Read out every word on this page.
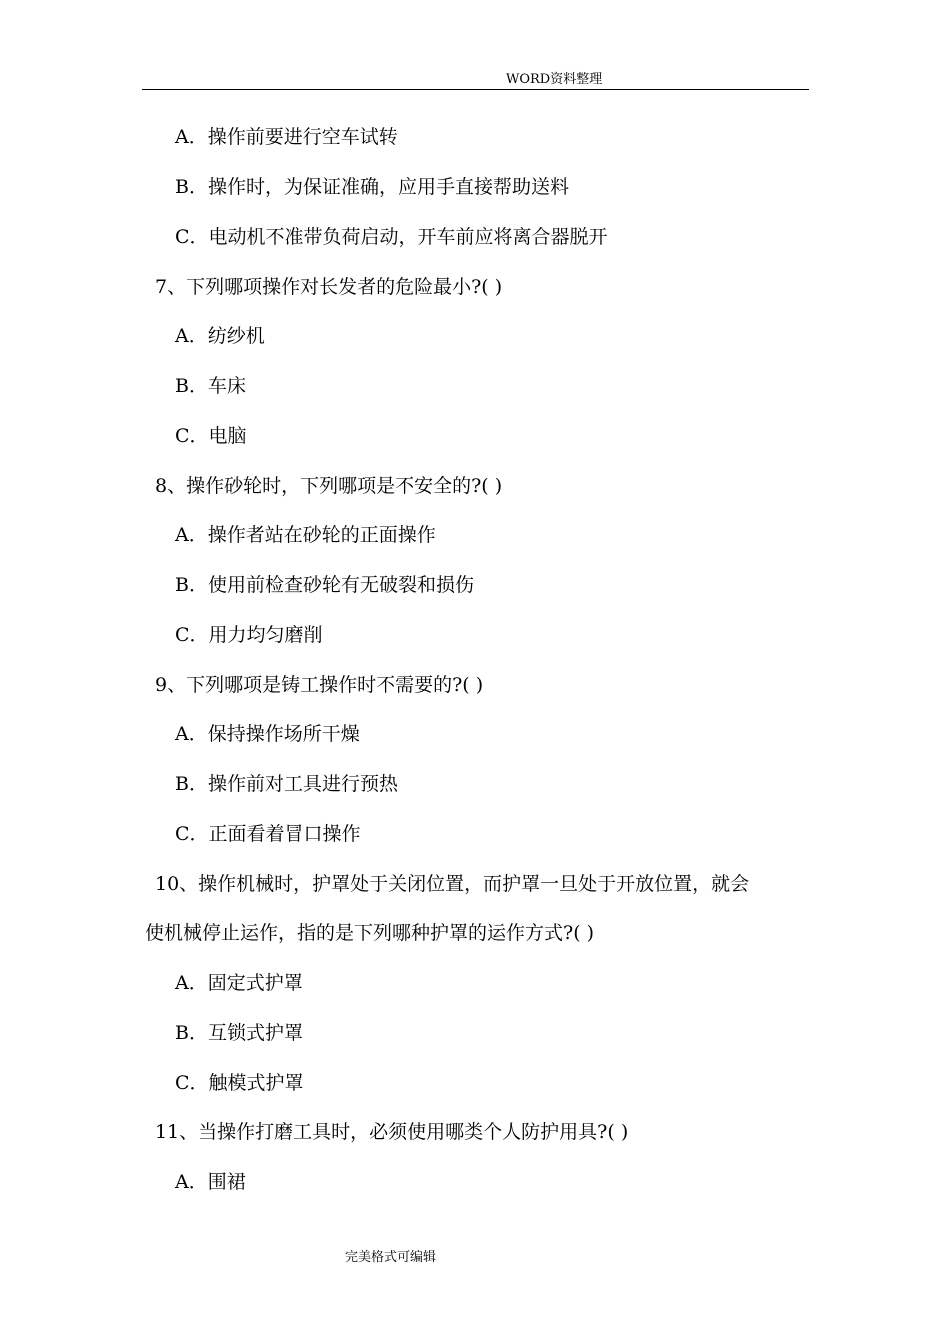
WORD资料整理
A．操作前要进行空车试转
B．操作时，为保证准确，应用手直接帮助送料
C．电动机不准带负荷启动，开车前应将离合器脱开
7、下列哪项操作对长发者的危险最小?( )
A．纺纱机
B．车床
C．电脑
8、操作砂轮时，下列哪项是不安全的?( )
A．操作者站在砂轮的正面操作
B．使用前检查砂轮有无破裂和损伤
C．用力均匀磨削
9、下列哪项是铸工操作时不需要的?( )
A．保持操作场所干燥
B．操作前对工具进行预热
C．正面看着冒口操作
10、操作机械时，护罩处于关闭位置，而护罩一旦处于开放位置，就会
使机械停止运作，指的是下列哪种护罩的运作方式?( )
A．固定式护罩
B．互锁式护罩
C．触模式护罩
11、当操作打磨工具时，必须使用哪类个人防护用具?( )
A．围裙
完美格式可编辑
